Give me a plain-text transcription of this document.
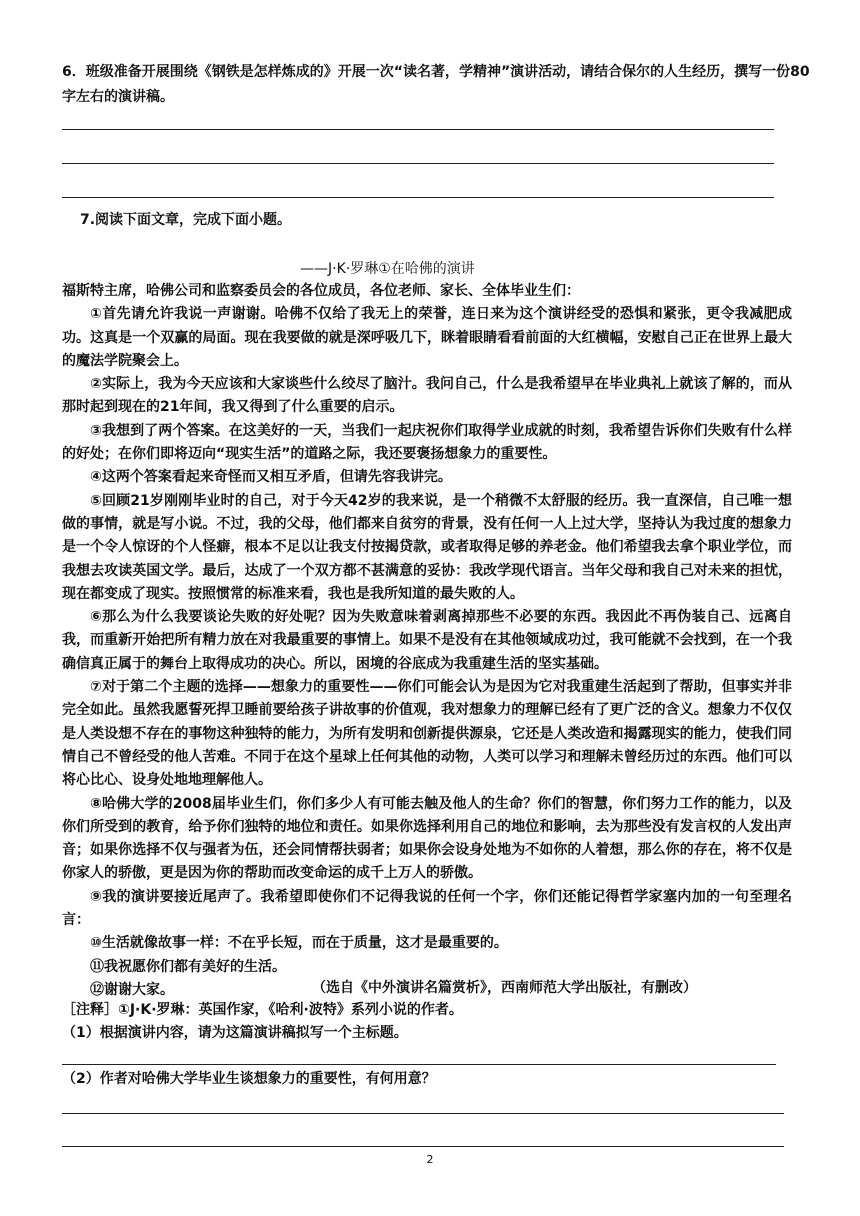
6．班级准备开展围绕《钢铁是怎样炼成的》开展一次“读名著，学精神”演讲活动，请结合保尔的人生经历，撰写一份80字左右的演讲稿。
7.阅读下面文章，完成下面小题。
——J·K·罗琳①在哈佛的演讲

福斯特主席，哈佛公司和监察委员会的各位成员，各位老师、家长、全体毕业生们：

①首先请允许我说一声谢谢。哈佛不仅给了我无上的荣誉，连日来为这个演讲经受的恐惧和紧张，更令我减肥成功。这真是一个双赢的局面。现在我要做的就是深呼吸几下，眯着眼睛看看前面的大红横幅，安慰自己正在世界上最大的魔法学院聚会上。

②实际上，我为今天应该和大家谈些什么绞尽了脑汁。我问自己，什么是我希望早在毕业典礼上就该了解的，而从那时起到现在的21年间，我又得到了什么重要的启示。

③我想到了两个答案。在这美好的一天，当我们一起庆祝你们取得学业成就的时刻，我希望告诉你们失败有什么样的好处；在你们即将迈向“现实生活”的道路之际，我还要褒扬想象力的重要性。

④这两个答案看起来奇怪而又相互矛盾，但请先容我讲完。

⑤回顾21岁刚刚毕业时的自己，对于今天42岁的我来说，是一个稍微不太舒服的经历。我一直深信，自己唯一想做的事情，就是写小说。不过，我的父母，他们都来自贫穷的背景，没有任何一人上过大学，坚持认为我过度的想象力是一个令人惊讶的个人怪癖，根本不足以让我支付按揭贷款，或者取得足够的养老金。他们希望我去拿个职业学位，而我想去攻读英国文学。最后，达成了一个双方都不甚满意的妥协：我改学现代语言。当年父母和我自己对未来的担忧，现在都变成了现实。按照惯常的标准来看，我也是我所知道的最失败的人。

⑥那么为什么我要谈论失败的好处呢？因为失败意味着剥离掉那些不必要的东西。我因此不再伪装自己、远离自我，而重新开始把所有精力放在对我最重要的事情上。如果不是没有在其他领域成功过，我可能就不会找到，在一个我确信真正属于的舞台上取得成功的决心。所以，困境的谷底成为我重建生活的坚实基础。

⑦对于第二个主题的选择——想象力的重要性——你们可能会认为是因为它对我重建生活起到了帮助，但事实并非完全如此。虽然我愿誓死捍卫睡前要给孩子讲故事的价值观，我对想象力的理解已经有了更广泛的含义。想象力不仅仅是人类设想不存在的事物这种独特的能力，为所有发明和创新提供源泉，它还是人类改造和揭露现实的能力，使我们同情自己不曾经受的他人苦难。不同于在这个星球上任何其他的动物，人类可以学习和理解未曾经历过的东西。他们可以将心比心、设身处地地理解他人。

⑧哈佛大学的2008届毕业生们，你们多少人有可能去触及他人的生命？你们的智慧，你们努力工作的能力，以及你们所受到的教育，给予你们独特的地位和责任。如果你选择利用自己的地位和影响，去为那些没有发言权的人发出声音；如果你选择不仅与强者为伍，还会同情帮扶弱者；如果你会设身处地为不如你的人着想，那么你的存在，将不仅是你家人的骄傲，更是因为你的帮助而改变命运的成千上万人的骄傲。

⑨我的演讲要接近尾声了。我希望即使你们不记得我说的任何一个字，你们还能记得哲学家塞内加的一句至理名言：

⑩生活就像故事一样：不在乎长短，而在于质量，这才是最重要的。

⑪我祝愿你们都有美好的生活。

⑫谢谢大家。	（选自《中外演讲名篇赏析》，西南师范大学出版社，有删改）
［注释］①J·K·罗琳：英国作家，《哈利·波特》系列小说的作者。
（1）根据演讲内容，请为这篇演讲稿拟写一个主标题。
（2）作者对哈佛大学毕业生谈想象力的重要性，有何用意？
2
